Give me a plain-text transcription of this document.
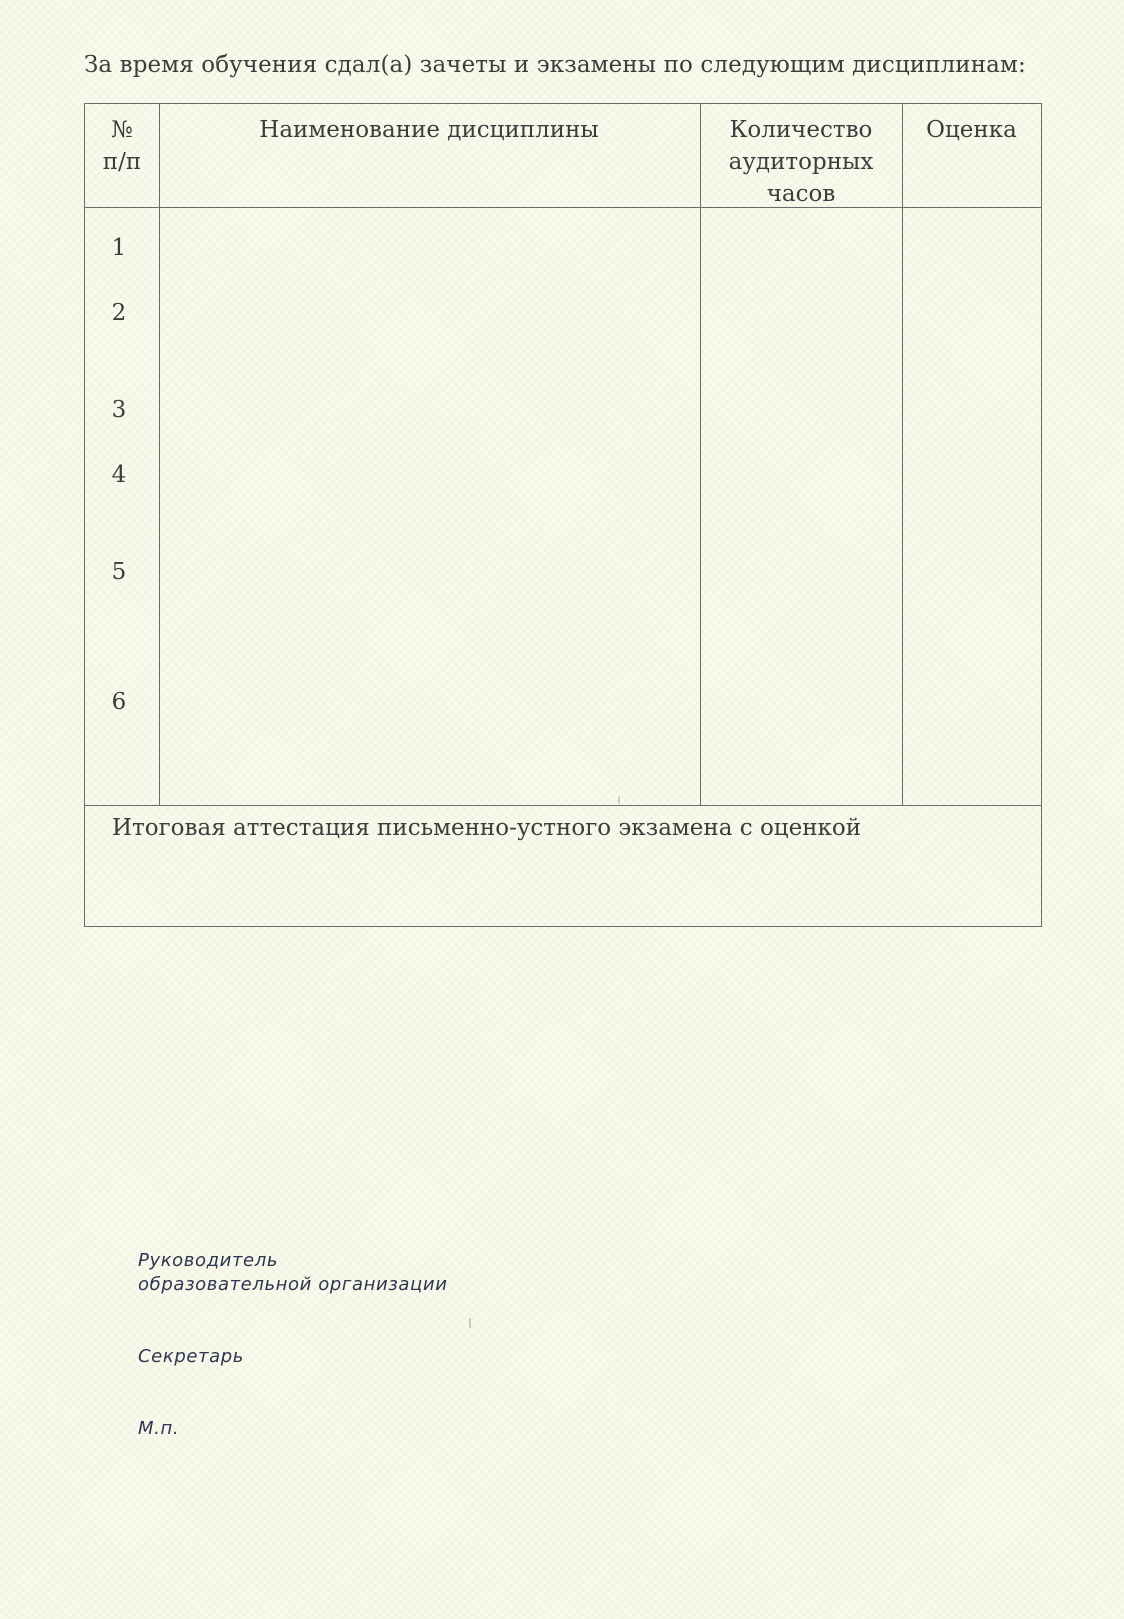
За время обучения сдал(а) зачеты и экзамены по следующим дисциплинам:
№
п/п
Наименование дисциплины	Количество
аудиторных
часов
Оценка
1
2
3
4
5
6
Итоговая аттестация письменно-устного экзамена с оценкой
Руководитель
образовательной организации
Секретарь
М.п.
